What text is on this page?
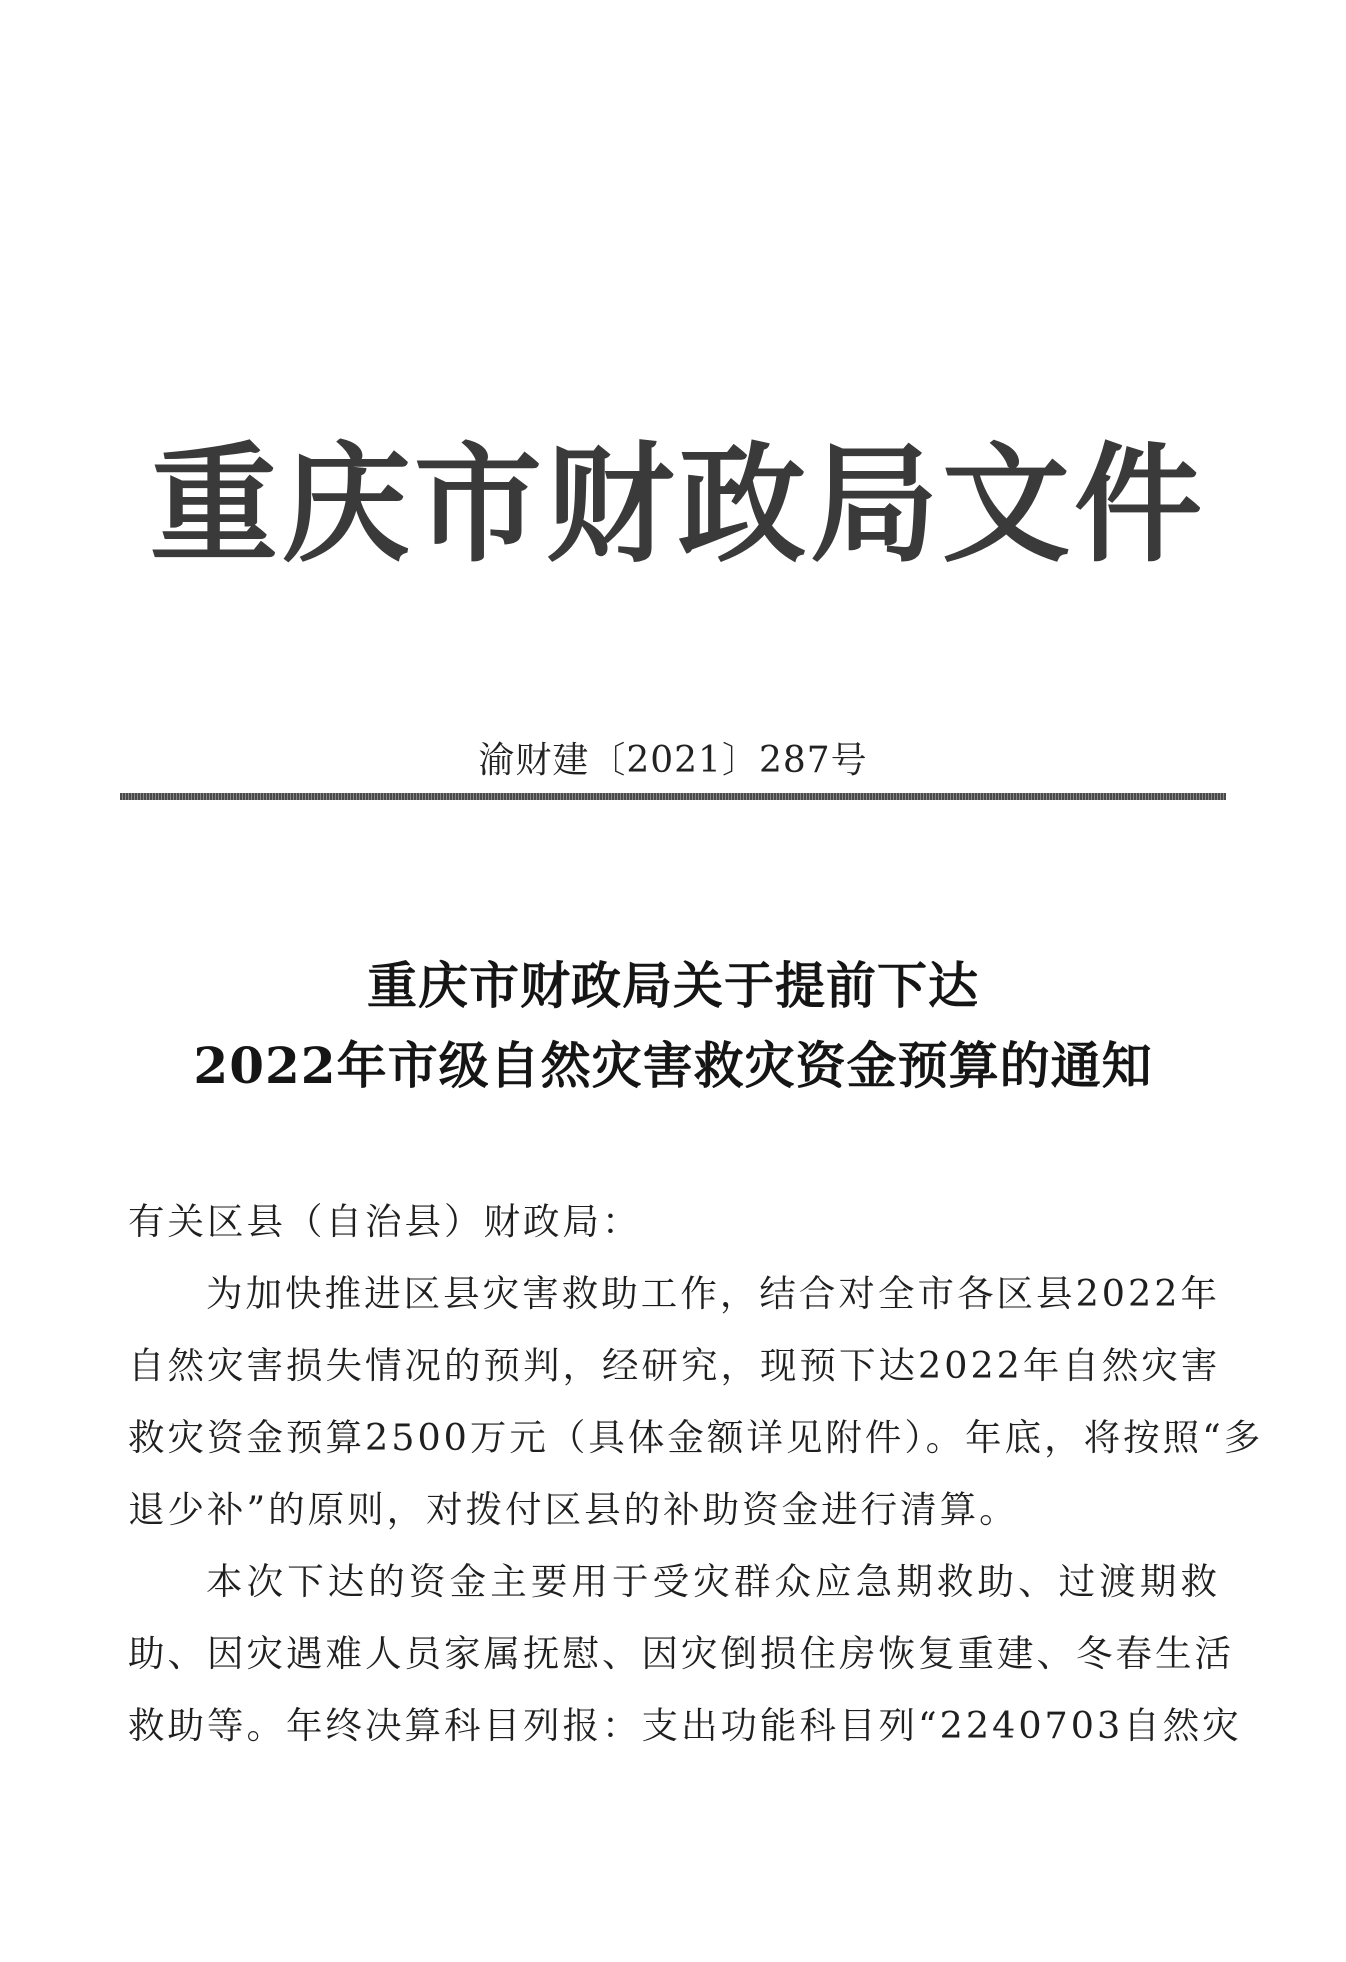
重庆市财政局文件
渝财建〔2021〕287号
重庆市财政局关于提前下达
2022年市级自然灾害救灾资金预算的通知
有关区县（自治县）财政局：
为加快推进区县灾害救助工作，结合对全市各区县2022年
自然灾害损失情况的预判，经研究，现预下达2022年自然灾害
救灾资金预算2500万元（具体金额详见附件）。年底，将按照“多
退少补”的原则，对拨付区县的补助资金进行清算。
本次下达的资金主要用于受灾群众应急期救助、过渡期救
助、因灾遇难人员家属抚慰、因灾倒损住房恢复重建、冬春生活
救助等。年终决算科目列报：支出功能科目列“2240703自然灾
